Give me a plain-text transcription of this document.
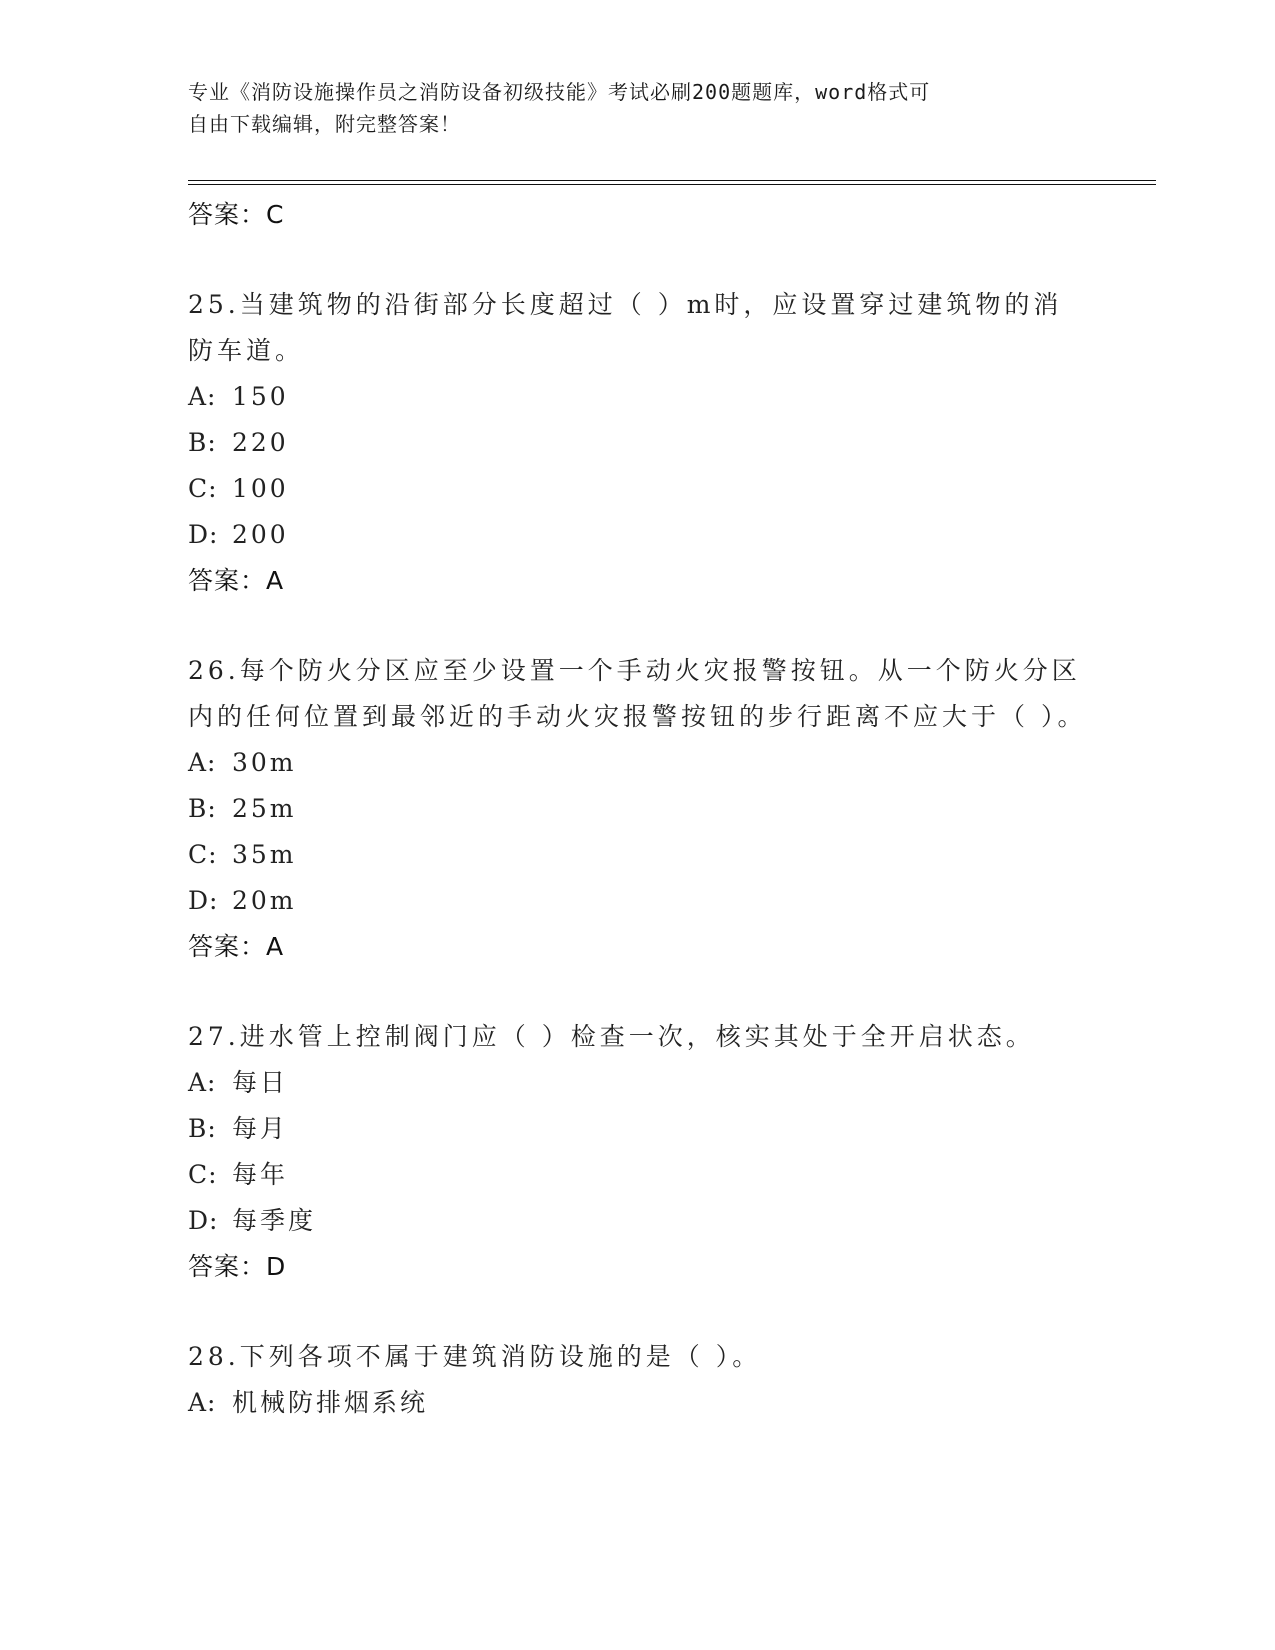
专业《消防设施操作员之消防设备初级技能》考试必刷200题题库，word格式可
自由下载编辑，附完整答案！
答案：C
25.当建筑物的沿街部分长度超过（ ）m时，应设置穿过建筑物的消防车道。
A: 150
B: 220
C: 100
D: 200
答案：A
26.每个防火分区应至少设置一个手动火灾报警按钮。从一个防火分区内的任何位置到最邻近的手动火灾报警按钮的步行距离不应大于（ ）。
A: 30m
B: 25m
C: 35m
D: 20m
答案：A
27.进水管上控制阀门应（ ）检查一次，核实其处于全开启状态。
A: 每日
B: 每月
C: 每年
D: 每季度
答案：D
28.下列各项不属于建筑消防设施的是（ ）。
A: 机械防排烟系统
